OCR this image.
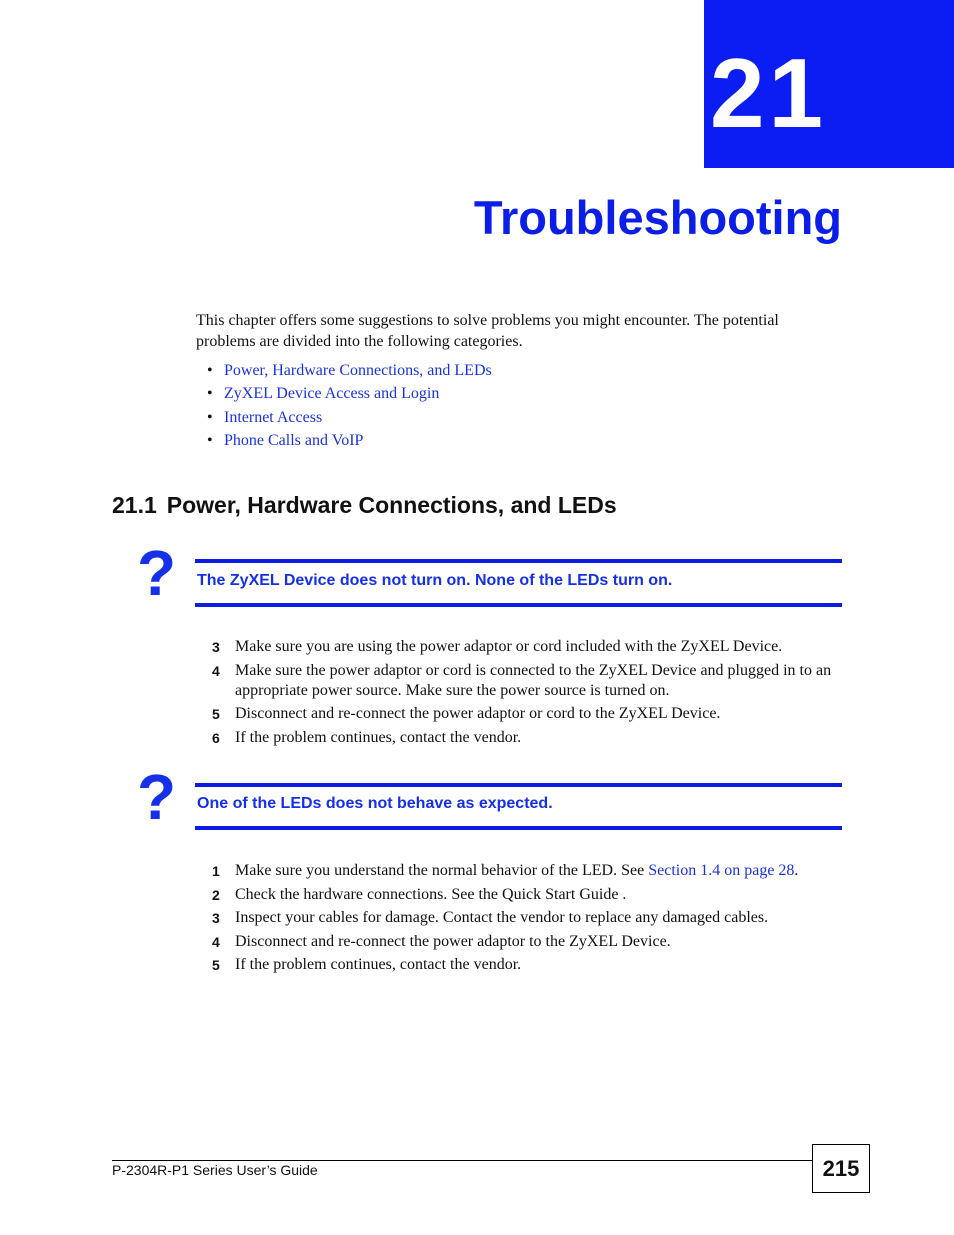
21
Troubleshooting

This chapter offers some suggestions to solve problems you might encounter. The potential problems are divided into the following categories.

• Power, Hardware Connections, and LEDs
• ZyXEL Device Access and Login
• Internet Access
• Phone Calls and VoIP
21.1 Power, Hardware Connections, and LEDs
? The ZyXEL Device does not turn on. None of the LEDs turn on.
3 Make sure you are using the power adaptor or cord included with the ZyXEL Device.
4 Make sure the power adaptor or cord is connected to the ZyXEL Device and plugged in to an appropriate power source. Make sure the power source is turned on.
5 Disconnect and re-connect the power adaptor or cord to the ZyXEL Device.
6 If the problem continues, contact the vendor.
? One of the LEDs does not behave as expected.
1 Make sure you understand the normal behavior of the LED. See Section 1.4 on page 28.
2 Check the hardware connections. See the Quick Start Guide .
3 Inspect your cables for damage. Contact the vendor to replace any damaged cables.
4 Disconnect and re-connect the power adaptor to the ZyXEL Device.
5 If the problem continues, contact the vendor.
P-2304R-P1 Series User’s Guide	215
